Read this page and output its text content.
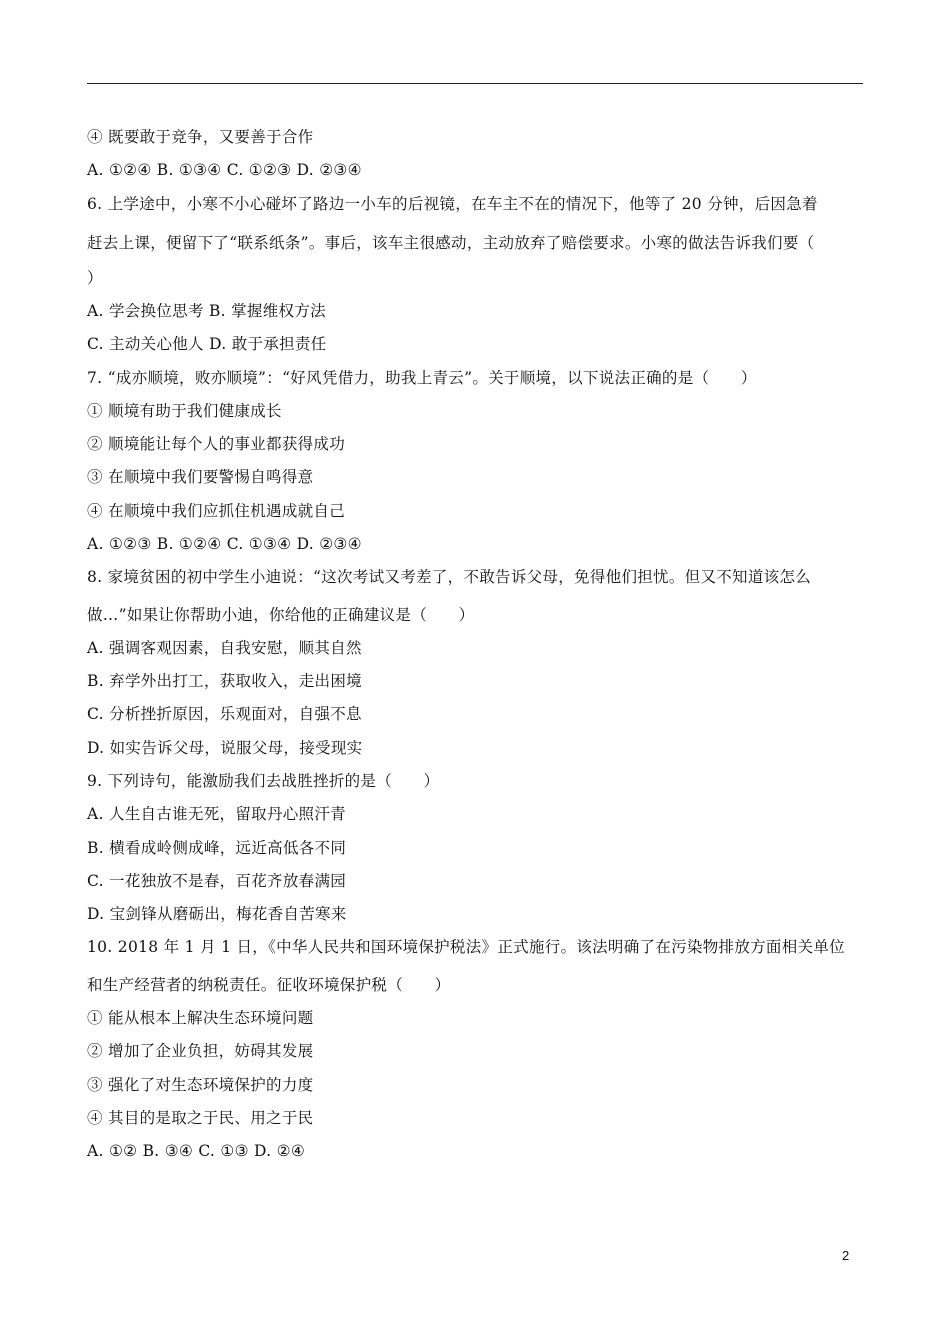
④ 既要敢于竞争，又要善于合作
A. ①②④ B. ①③④ C. ①②③ D. ②③④
6. 上学途中，小寒不小心碰坏了路边一小车的后视镜，在车主不在的情况下，他等了 20 分钟，后因急着
赶去上课，便留下了“联系纸条”。事后，该车主很感动，主动放弃了赔偿要求。小寒的做法告诉我们要（
）
A. 学会换位思考 B. 掌握维权方法
C. 主动关心他人 D. 敢于承担责任
7. “成亦顺境，败亦顺境”：“好风凭借力，助我上青云”。关于顺境，以下说法正确的是（　　）
① 顺境有助于我们健康成长
② 顺境能让每个人的事业都获得成功
③ 在顺境中我们要警惕自鸣得意
④ 在顺境中我们应抓住机遇成就自己
A. ①②③ B. ①②④ C. ①③④ D. ②③④
8. 家境贫困的初中学生小迪说：“这次考试又考差了，不敢告诉父母，免得他们担忧。但又不知道该怎么
做…”如果让你帮助小迪，你给他的正确建议是（　　）
A. 强调客观因素，自我安慰，顺其自然
B. 弃学外出打工，获取收入，走出困境
C. 分析挫折原因，乐观面对，自强不息
D. 如实告诉父母，说服父母，接受现实
9. 下列诗句，能激励我们去战胜挫折的是（　　）
A. 人生自古谁无死，留取丹心照汗青
B. 横看成岭侧成峰，远近高低各不同
C. 一花独放不是春，百花齐放春满园
D. 宝剑锋从磨砺出，梅花香自苦寒来
10. 2018 年 1 月 1 日，《中华人民共和国环境保护税法》正式施行。该法明确了在污染物排放方面相关单位
和生产经营者的纳税责任。征收环境保护税（　　）
① 能从根本上解决生态环境问题
② 增加了企业负担，妨碍其发展
③ 强化了对生态环境保护的力度
④ 其目的是取之于民、用之于民
A. ①② B. ③④ C. ①③ D. ②④
2
